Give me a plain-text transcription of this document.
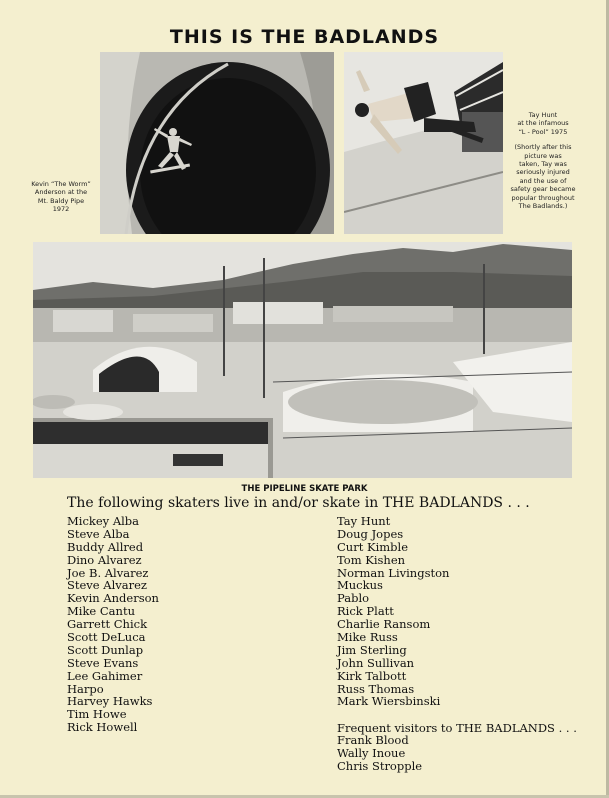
THIS IS THE BADLANDS
Kevin “The Worm”
Anderson at the
Mt. Baldy Pipe
1972
Tay Hunt
at the infamous
“L - Pool” 1975
(Shortly after this
picture was
taken, Tay was
seriously injured
and the use of
safety gear became
popular throughout
The Badlands.)
THE PIPELINE SKATE PARK
The following skaters live in and/or skate in THE BADLANDS . . .
Mickey Alba
Steve Alba
Buddy Allred
Dino Alvarez
Joe B. Alvarez
Steve Alvarez
Kevin Anderson
Mike Cantu
Garrett Chick
Scott DeLuca
Scott Dunlap
Steve Evans
Lee Gahimer
Harpo
Harvey Hawks
Tim Howe
Rick Howell
Tay Hunt
Doug Jopes
Curt Kimble
Tom Kishen
Norman Livingston
Muckus
Pablo
Rick Platt
Charlie Ransom
Mike Russ
Jim Sterling
John Sullivan
Kirk Talbott
Russ Thomas
Mark Wiersbinski
Frequent visitors to THE BADLANDS . . .
Frank Blood
Wally Inoue
Chris Stropple
